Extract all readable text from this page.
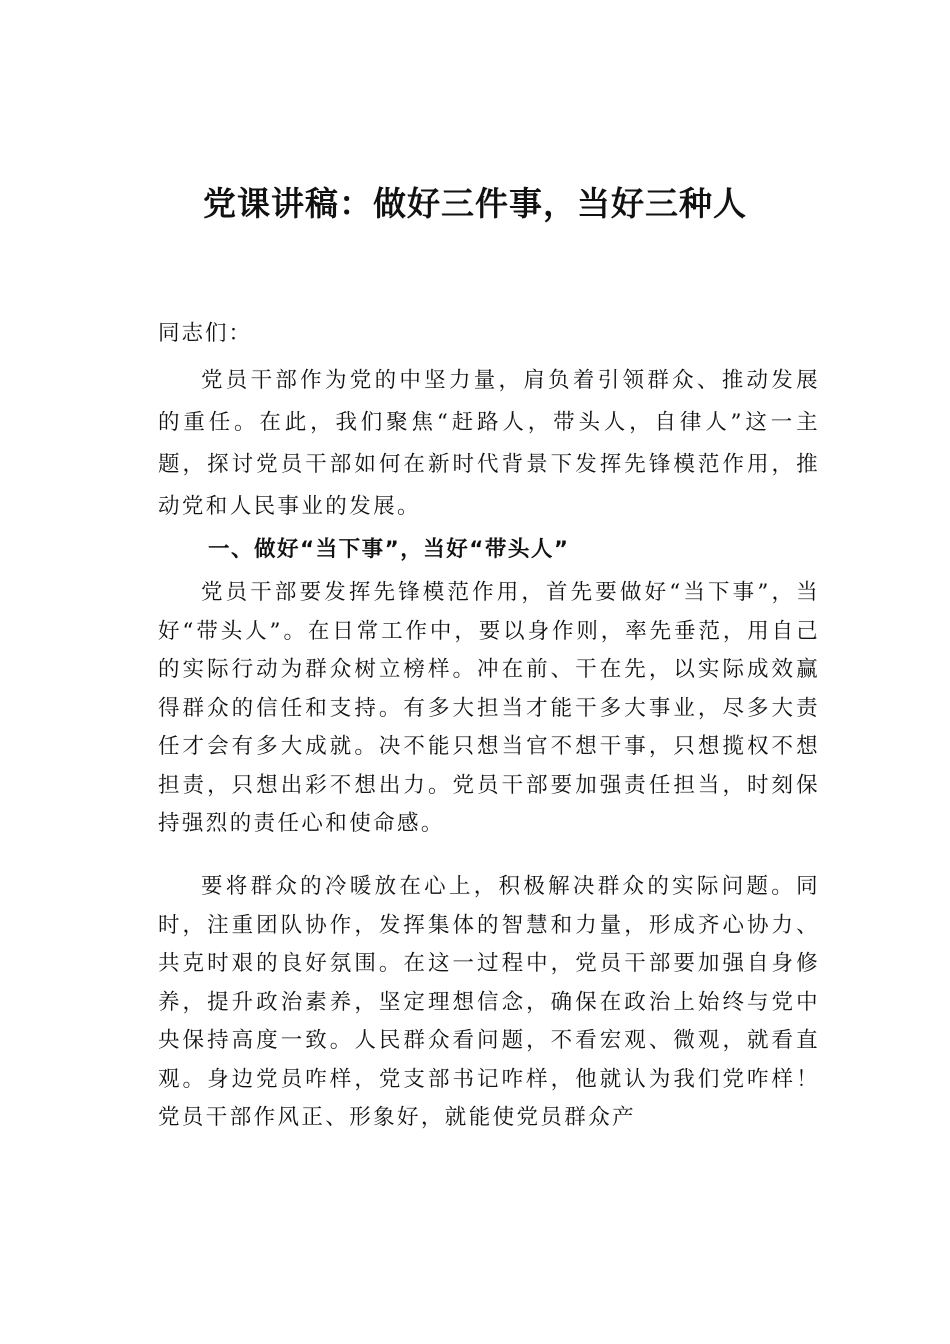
党课讲稿：做好三件事，当好三种人

同志们：

党员干部作为党的中坚力量，肩负着引领群众、推动发展的重任。在此，我们聚焦“赶路人，带头人，自律人”这一主题，探讨党员干部如何在新时代背景下发挥先锋模范作用，推动党和人民事业的发展。

一、做好“当下事”，当好“带头人”

党员干部要发挥先锋模范作用，首先要做好“当下事”，当好“带头人”。在日常工作中，要以身作则，率先垂范，用自己的实际行动为群众树立榜样。冲在前、干在先，以实际成效赢得群众的信任和支持。有多大担当才能干多大事业，尽多大责任才会有多大成就。决不能只想当官不想干事，只想揽权不想担责，只想出彩不想出力。党员干部要加强责任担当，时刻保持强烈的责任心和使命感。

要将群众的冷暖放在心上，积极解决群众的实际问题。同时，注重团队协作，发挥集体的智慧和力量，形成齐心协力、共克时艰的良好氛围。在这一过程中，党员干部要加强自身修养，提升政治素养，坚定理想信念，确保在政治上始终与党中央保持高度一致。人民群众看问题，不看宏观、微观，就看直观。身边党员咋样，党支部书记咋样，他就认为我们党咋样！党员干部作风正、形象好，就能使党员群众产
